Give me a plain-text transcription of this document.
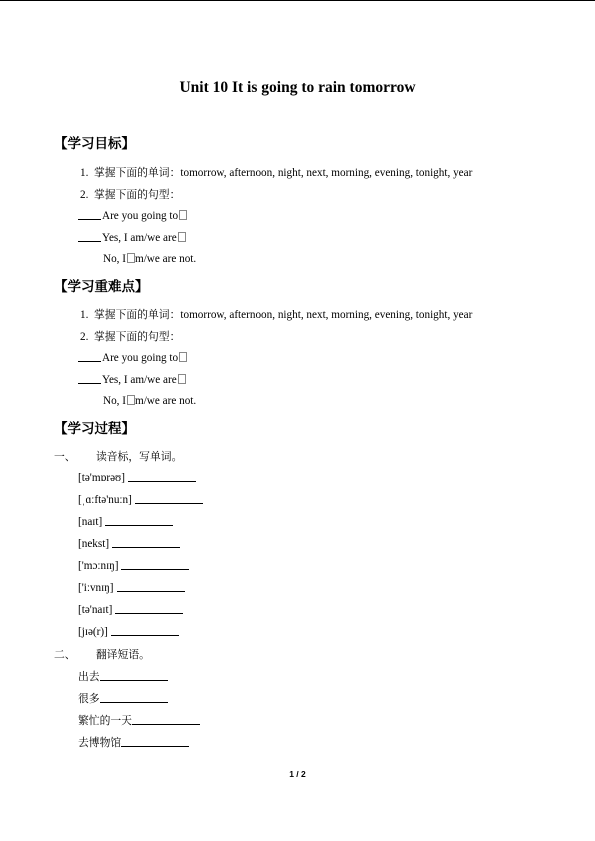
Unit 10 It is going to rain tomorrow
【学习目标】
1. 掌握下面的单词：tomorrow, afternoon, night, next, morning, evening, tonight, year
2. 掌握下面的句型：
Are you going to
Yes, I am/we are
No, I m/we are not.
【学习重难点】
1. 掌握下面的单词：tomorrow, afternoon, night, next, morning, evening, tonight, year
2. 掌握下面的句型：
Are you going to
Yes, I am/we are
No, I m/we are not.
【学习过程】
一、 读音标，写单词。
[tə'mɒrəʊ]
[ˌɑːftə'nuːn]
[naɪt]
[nekst]
['mɔːnɪŋ]
['iːvnɪŋ]
[tə'naɪt]
[jɪə(r)]
二、 翻译短语。
出去
很多
繁忙的一天
去博物馆
1 / 2
